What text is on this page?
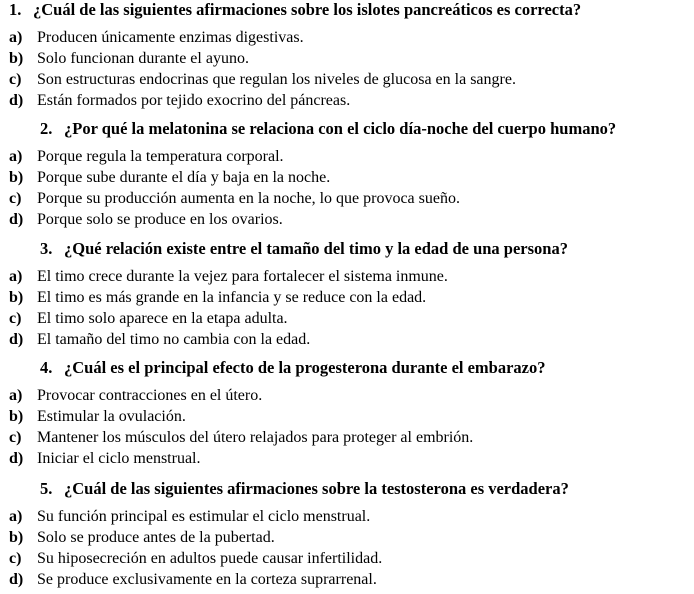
1. ¿Cuál de las siguientes afirmaciones sobre los islotes pancreáticos es correcta?
a) Producen únicamente enzimas digestivas.
b) Solo funcionan durante el ayuno.
c) Son estructuras endocrinas que regulan los niveles de glucosa en la sangre.
d) Están formados por tejido exocrino del páncreas.
2. ¿Por qué la melatonina se relaciona con el ciclo día-noche del cuerpo humano?
a) Porque regula la temperatura corporal.
b) Porque sube durante el día y baja en la noche.
c) Porque su producción aumenta en la noche, lo que provoca sueño.
d) Porque solo se produce en los ovarios.
3. ¿Qué relación existe entre el tamaño del timo y la edad de una persona?
a) El timo crece durante la vejez para fortalecer el sistema inmune.
b) El timo es más grande en la infancia y se reduce con la edad.
c) El timo solo aparece en la etapa adulta.
d) El tamaño del timo no cambia con la edad.
4. ¿Cuál es el principal efecto de la progesterona durante el embarazo?
a) Provocar contracciones en el útero.
b) Estimular la ovulación.
c) Mantener los músculos del útero relajados para proteger al embrión.
d) Iniciar el ciclo menstrual.
5. ¿Cuál de las siguientes afirmaciones sobre la testosterona es verdadera?
a) Su función principal es estimular el ciclo menstrual.
b) Solo se produce antes de la pubertad.
c) Su hiposecreción en adultos puede causar infertilidad.
d) Se produce exclusivamente en la corteza suprarrenal.
